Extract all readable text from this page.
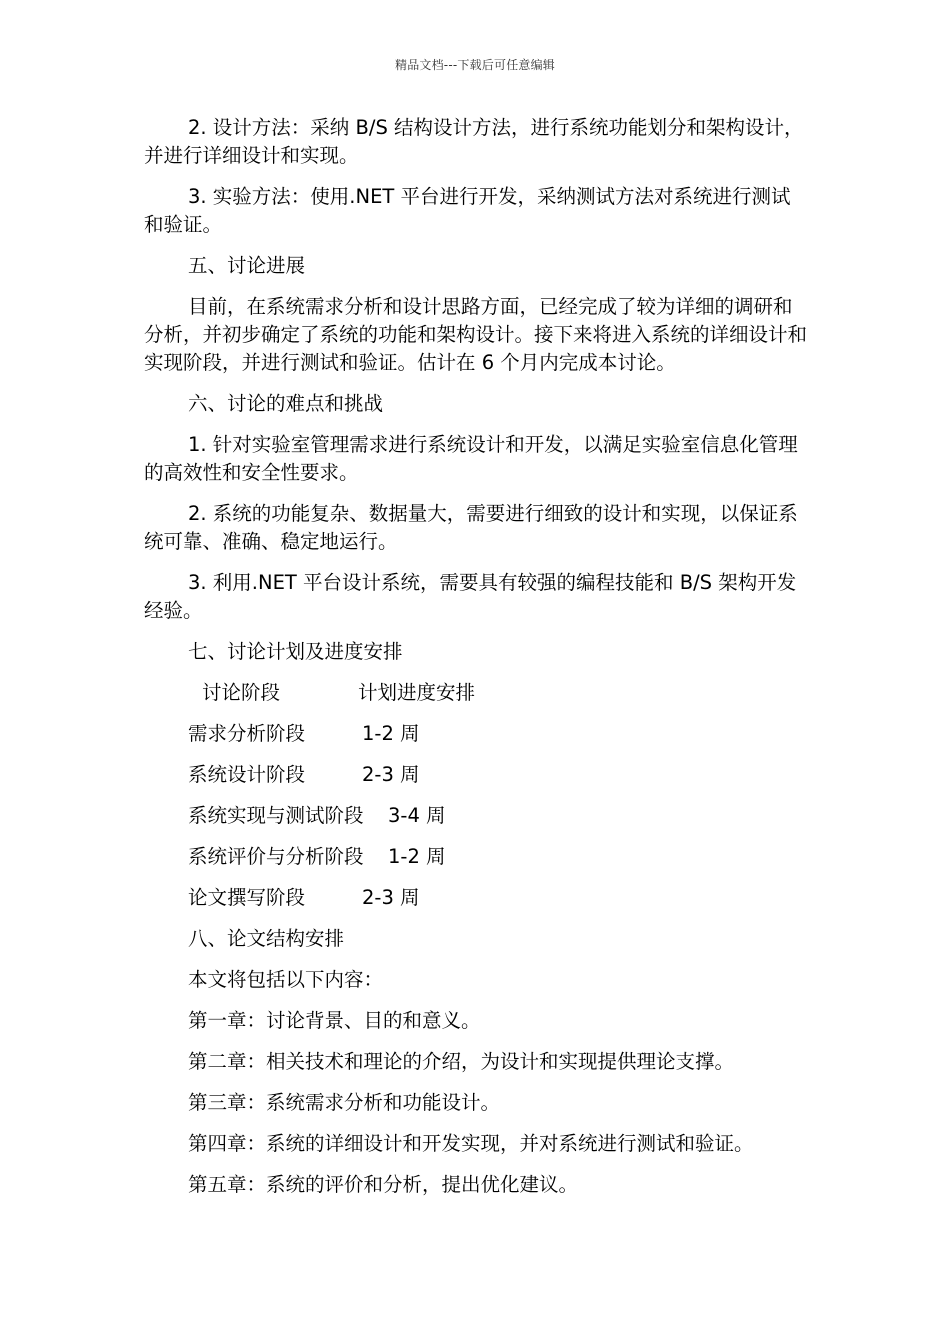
精品文档---下载后可任意编辑

2. 设计方法：采纳 B/S 结构设计方法，进行系统功能划分和架构设计，并进行详细设计和实现。

3. 实验方法：使用.NET 平台进行开发，采纳测试方法对系统进行测试和验证。

五、讨论进展

目前，在系统需求分析和设计思路方面，已经完成了较为详细的调研和分析，并初步确定了系统的功能和架构设计。接下来将进入系统的详细设计和实现阶段，并进行测试和验证。估计在 6 个月内完成本讨论。

六、讨论的难点和挑战

1. 针对实验室管理需求进行系统设计和开发，以满足实验室信息化管理的高效性和安全性要求。

2. 系统的功能复杂、数据量大，需要进行细致的设计和实现，以保证系统可靠、准确、稳定地运行。

3. 利用.NET 平台设计系统，需要具有较强的编程技能和 B/S 架构开发经验。

七、讨论计划及进度安排

讨论阶段	计划进度安排
需求分析阶段	1-2 周
系统设计阶段	2-3 周
系统实现与测试阶段	3-4 周
系统评价与分析阶段	1-2 周
论文撰写阶段	2-3 周

八、论文结构安排

本文将包括以下内容：

第一章：讨论背景、目的和意义。

第二章：相关技术和理论的介绍，为设计和实现提供理论支撑。

第三章：系统需求分析和功能设计。

第四章：系统的详细设计和开发实现，并对系统进行测试和验证。

第五章：系统的评价和分析，提出优化建议。
